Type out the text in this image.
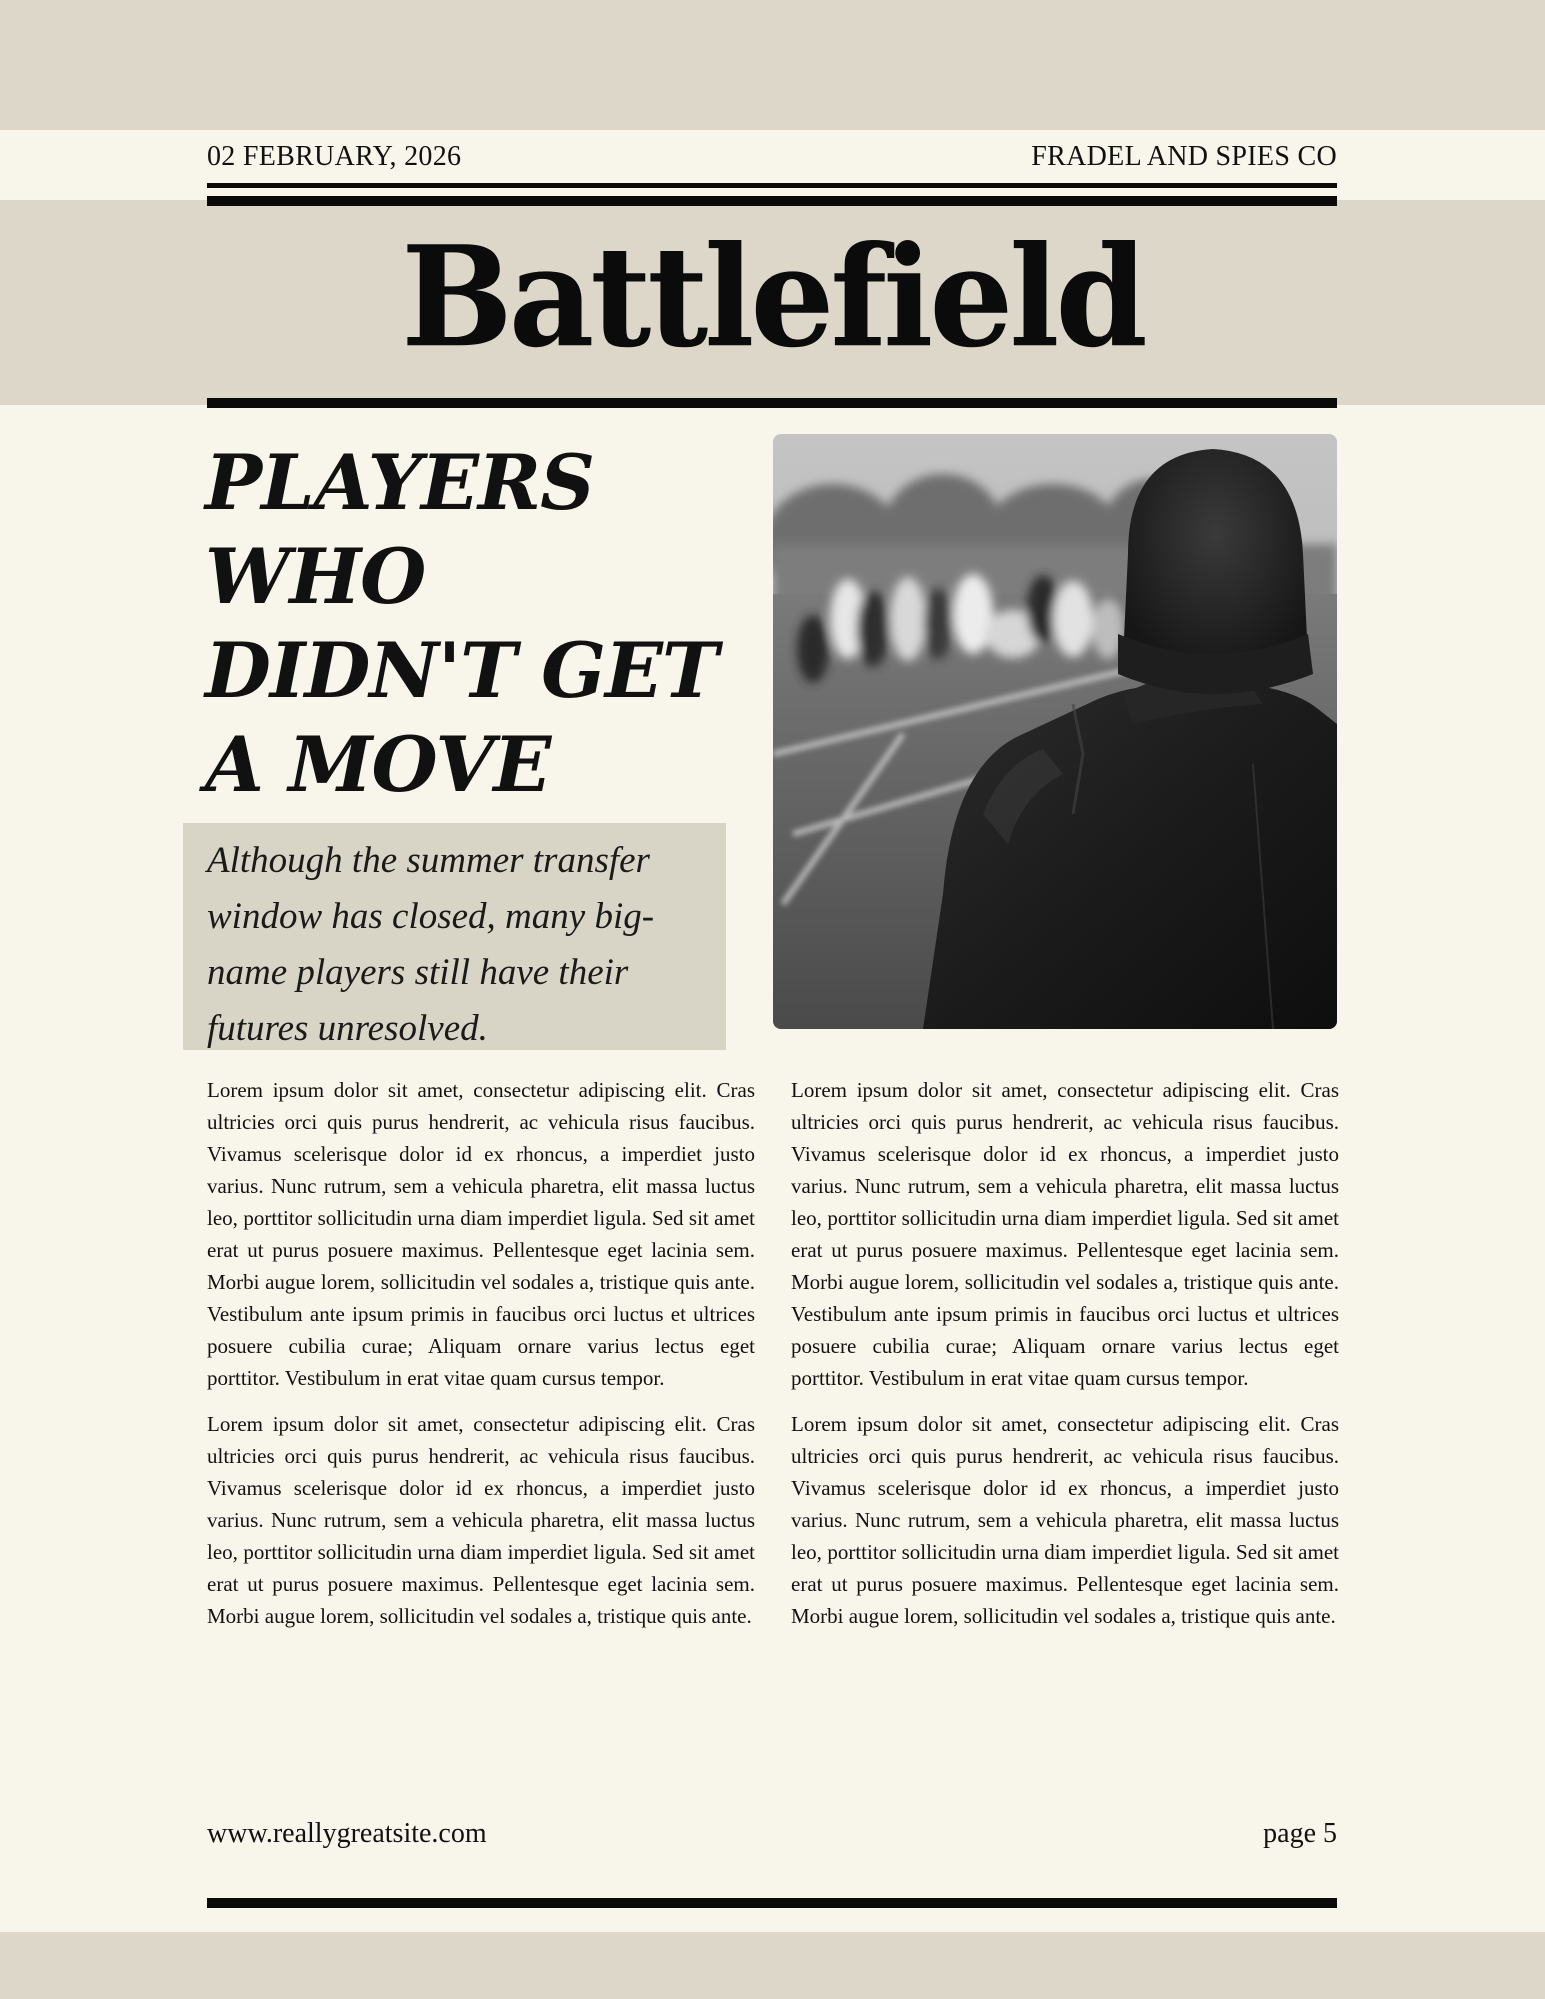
02 FEBRUARY, 2026	FRADEL AND SPIES CO
Battlefield
PLAYERS WHO DIDN'T GET A MOVE
Although the summer transfer window has closed, many big-name players still have their futures unresolved.

Lorem ipsum dolor sit amet, consectetur adipiscing elit. Cras ultricies orci quis purus hendrerit, ac vehicula risus faucibus. Vivamus scelerisque dolor id ex rhoncus, a imperdiet justo varius. Nunc rutrum, sem a vehicula pharetra, elit massa luctus leo, porttitor sollicitudin urna diam imperdiet ligula. Sed sit amet erat ut purus posuere maximus. Pellentesque eget lacinia sem. Morbi augue lorem, sollicitudin vel sodales a, tristique quis ante. Vestibulum ante ipsum primis in faucibus orci luctus et ultrices posuere cubilia curae; Aliquam ornare varius lectus eget porttitor. Vestibulum in erat vitae quam cursus tempor.

Lorem ipsum dolor sit amet, consectetur adipiscing elit. Cras ultricies orci quis purus hendrerit, ac vehicula risus faucibus. Vivamus scelerisque dolor id ex rhoncus, a imperdiet justo varius. Nunc rutrum, sem a vehicula pharetra, elit massa luctus leo, porttitor sollicitudin urna diam imperdiet ligula. Sed sit amet erat ut purus posuere maximus. Pellentesque eget lacinia sem. Morbi augue lorem, sollicitudin vel sodales a, tristique quis ante.

Lorem ipsum dolor sit amet, consectetur adipiscing elit. Cras ultricies orci quis purus hendrerit, ac vehicula risus faucibus. Vivamus scelerisque dolor id ex rhoncus, a imperdiet justo varius. Nunc rutrum, sem a vehicula pharetra, elit massa luctus leo, porttitor sollicitudin urna diam imperdiet ligula. Sed sit amet erat ut purus posuere maximus. Pellentesque eget lacinia sem. Morbi augue lorem, sollicitudin vel sodales a, tristique quis ante. Vestibulum ante ipsum primis in faucibus orci luctus et ultrices posuere cubilia curae; Aliquam ornare varius lectus eget porttitor. Vestibulum in erat vitae quam cursus tempor.

Lorem ipsum dolor sit amet, consectetur adipiscing elit. Cras ultricies orci quis purus hendrerit, ac vehicula risus faucibus. Vivamus scelerisque dolor id ex rhoncus, a imperdiet justo varius. Nunc rutrum, sem a vehicula pharetra, elit massa luctus leo, porttitor sollicitudin urna diam imperdiet ligula. Sed sit amet erat ut purus posuere maximus. Pellentesque eget lacinia sem. Morbi augue lorem, sollicitudin vel sodales a, tristique quis ante.

www.reallygreatsite.com	page 5
